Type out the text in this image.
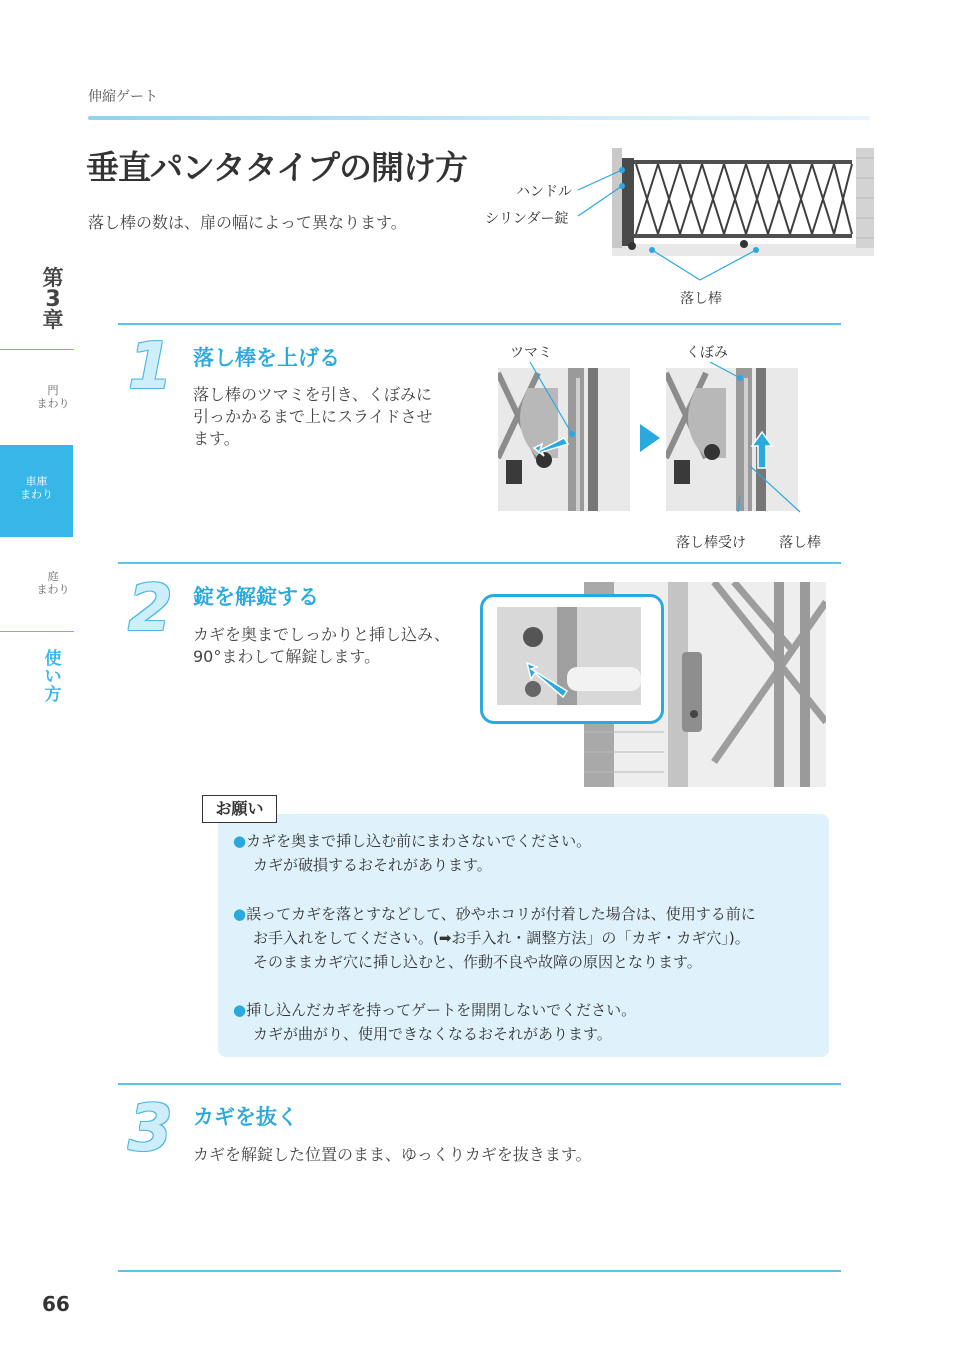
伸縮ゲート
垂直パンタタイプの開け方
落し棒の数は、扉の幅によって異なります。
ハンドル
シリンダー錠
落し棒
第
3
章
門
まわり
車庫
まわり
庭
まわり
使
い
方
1 落し棒を上げる
落し棒のツマミを引き、くぼみに
引っかかるまで上にスライドさせ
ます。
ツマミ	くぼみ
落し棒受け 落し棒
2 錠を解錠する
カギを奥までしっかりと挿し込み、
90°まわして解錠します。
お願い
●カギを奥まで挿し込む前にまわさないでください。
カギが破損するおそれがあります。
●誤ってカギを落とすなどして、砂やホコリが付着した場合は、使用する前に
お手入れをしてください。(➡お手入れ・調整方法」の「カギ・カギ穴」)。
そのままカギ穴に挿し込むと、作動不良や故障の原因となります。
●挿し込んだカギを持ってゲートを開閉しないでください。
カギが曲がり、使用できなくなるおそれがあります。
3 カギを抜く
カギを解錠した位置のまま、ゆっくりカギを抜きます。
66
